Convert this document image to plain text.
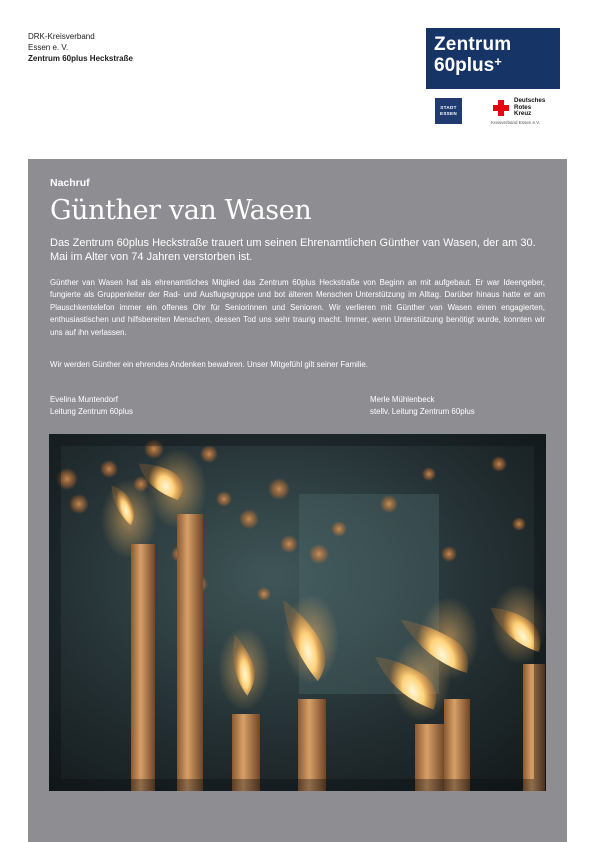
DRK-Kreisverband
Essen e. V.
Zentrum 60plus Heckstraße
Zentrum
60plus+
STADT
ESSEN
Deutsches
Rotes
Kreuz
Kreisverband Essen e.V.
Nachruf
Günther van Wasen
Das Zentrum 60plus Heckstraße trauert um seinen Ehrenamtlichen Günther van Wasen, der am 30. Mai im Alter von 74 Jahren verstorben ist.
Günther van Wasen hat als ehrenamtliches Mitglied das Zentrum 60plus Heckstraße von Beginn an mit aufgebaut. Er war Ideengeber, fungierte als Gruppenleiter der Rad- und Ausflugsgruppe und bot älteren Menschen Unterstützung im Alltag. Darüber hinaus hatte er am Plauschkentelefon immer ein offenes Ohr für Seniorinnen und Senioren. Wir verlieren mit Günther van Wasen einen engagierten, enthusiastischen und hilfsbereiten Menschen, dessen Tod uns sehr traurig macht. Immer, wenn Unterstützung benötigt wurde, konnten wir uns auf ihn verlassen.
Wir werden Günther ein ehrendes Andenken bewahren. Unser Mitgefühl gilt seiner Familie.
Evelina Muntendorf
Leitung Zentrum 60plus
Merle Mühlenbeck
stellv. Leitung Zentrum 60plus
